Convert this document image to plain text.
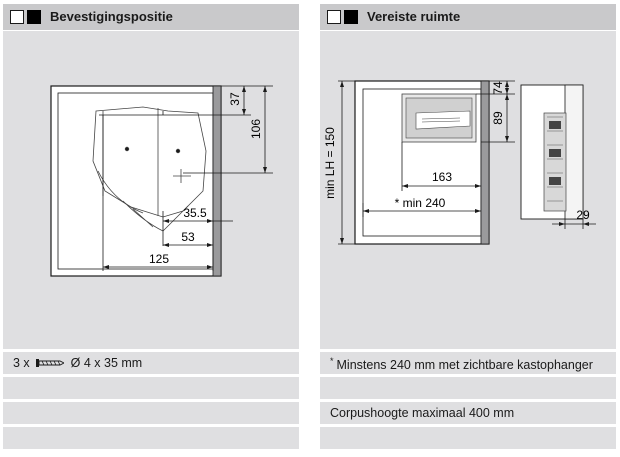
Bevestigingspositie
37
106
35.5
53
125
3 x	Ø 4 x 35 mm
Vereiste ruimte
min LH = 150
74
89
163
* min 240
29
* Minstens 240 mm met zichtbare kastophanger
Corpushoogte maximaal 400 mm
